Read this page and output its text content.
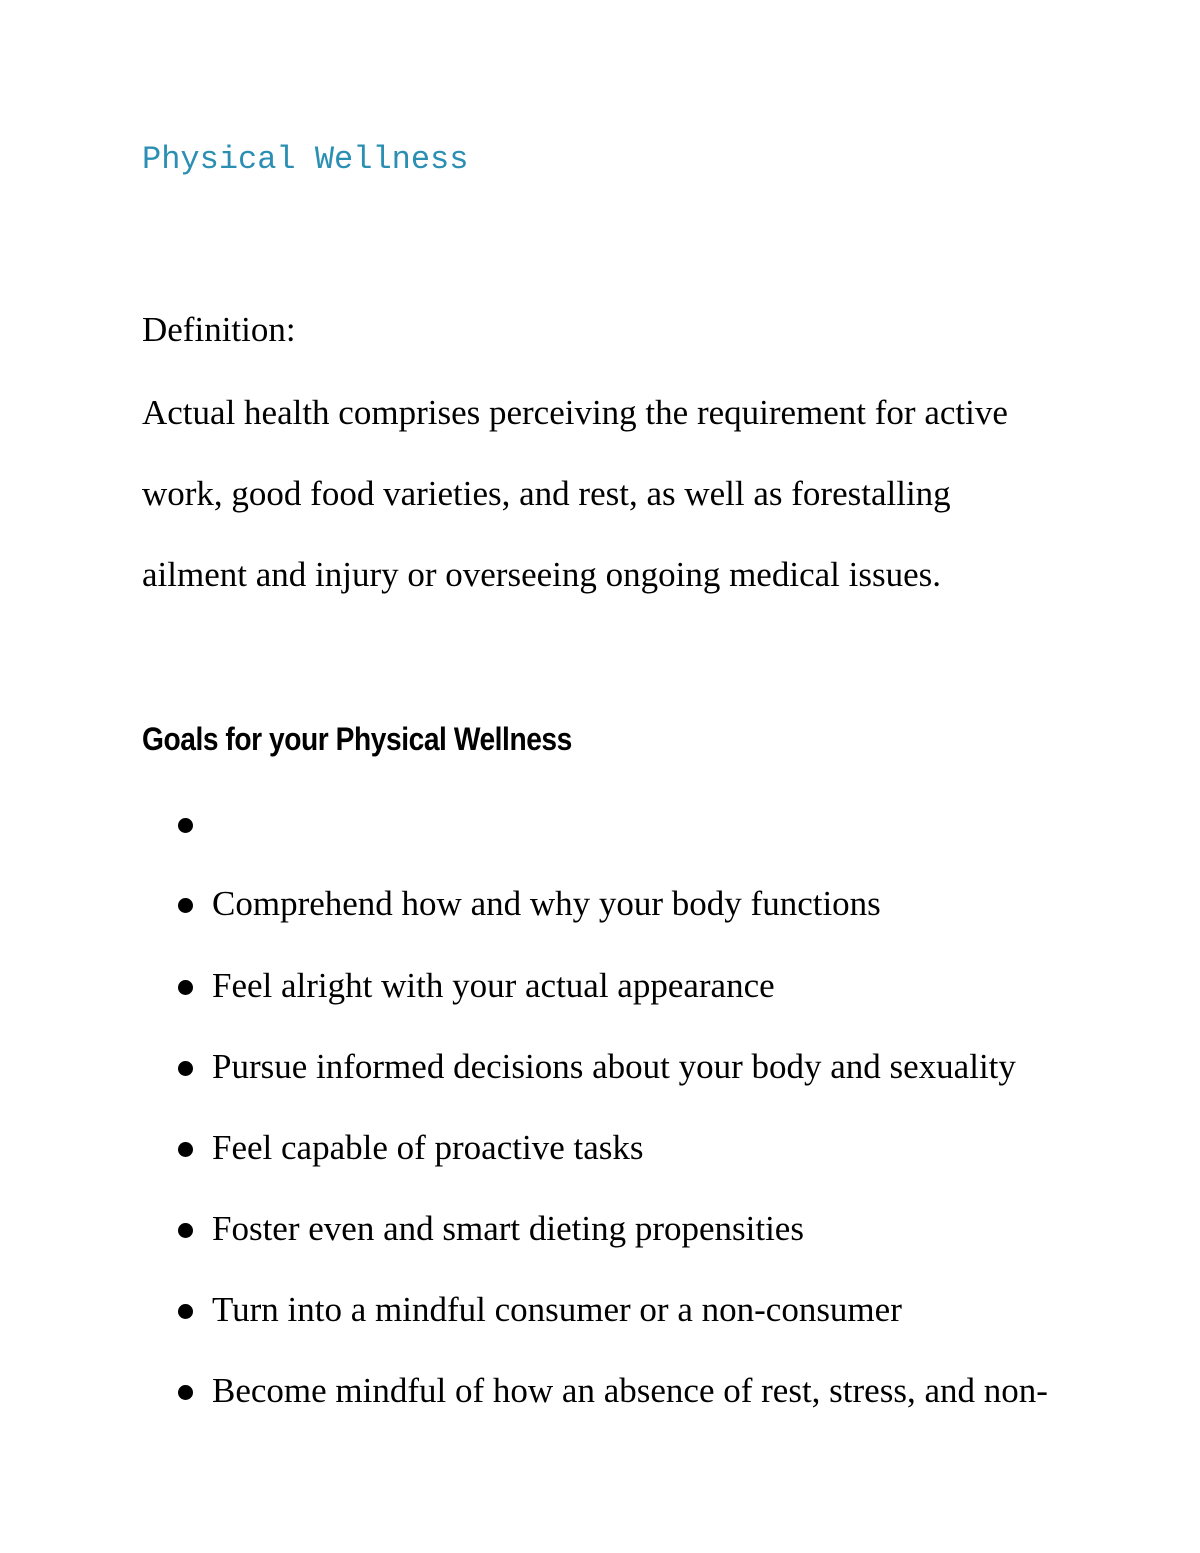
Physical Wellness

Definition:

Actual health comprises perceiving the requirement for active

work, good food varieties, and rest, as well as forestalling

ailment and injury or overseeing ongoing medical issues.

Goals for your Physical Wellness
Comprehend how and why your body functions
Feel alright with your actual appearance
Pursue informed decisions about your body and sexuality
Feel capable of proactive tasks
Foster even and smart dieting propensities
Turn into a mindful consumer or a non-consumer
Become mindful of how an absence of rest, stress, and non-
